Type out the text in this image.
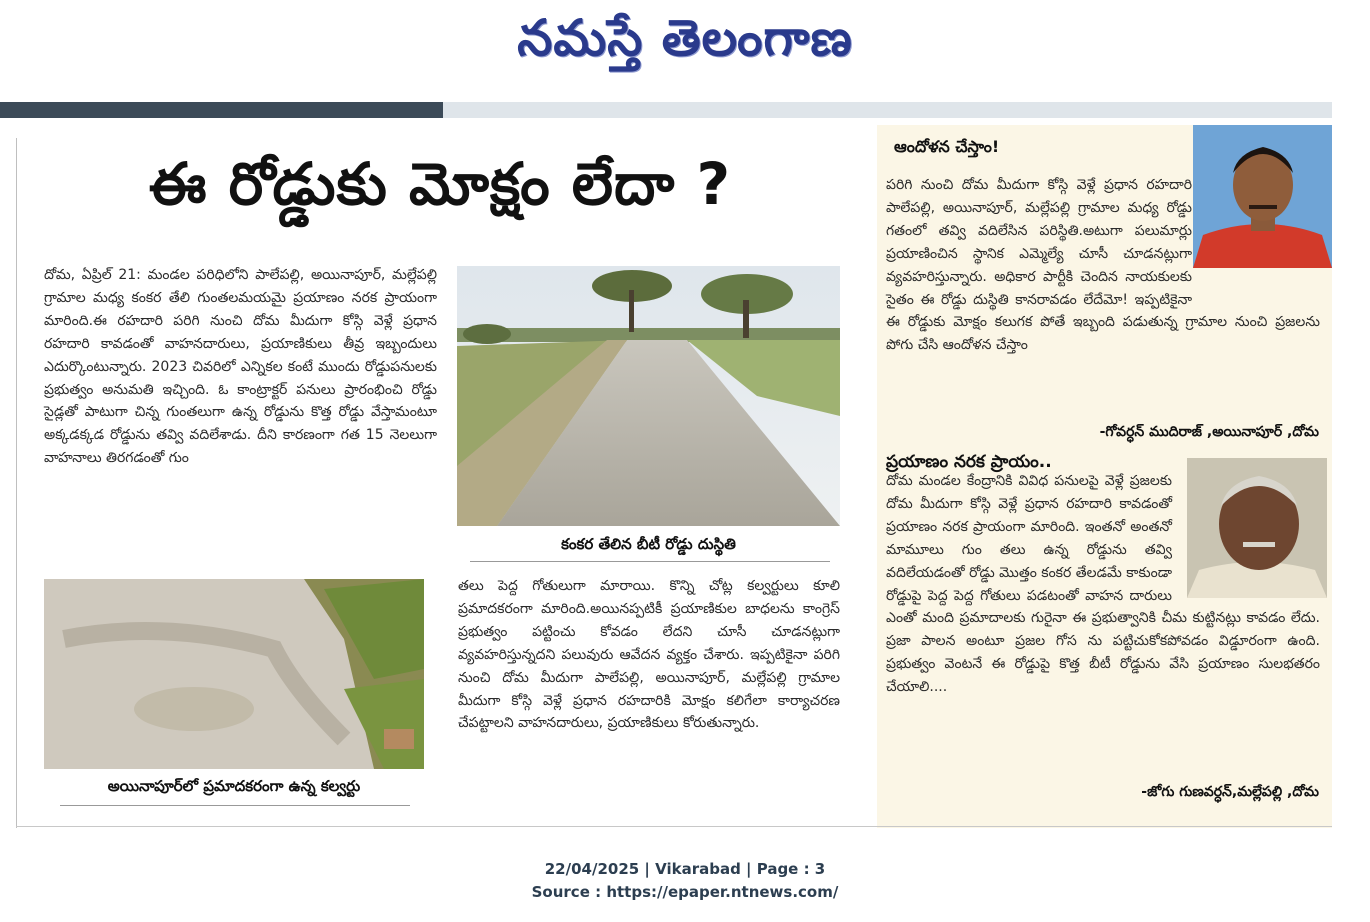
నమస్తే తెలంగాణ
ఈ రోడ్డుకు మోక్షం లేదా ?

దోమ, ఏప్రిల్ 21: మండల పరిధిలోని పాలేపల్లి, అయినాపూర్, మల్లేపల్లి గ్రామాల మధ్య కంకర తేలి గుంతలమయమై ప్రయాణం నరక ప్రాయంగా మారింది.ఈ రహదారి పరిగి నుంచి దోమ మీదుగా కోస్గి వెళ్లే ప్రధాన రహదారి కావడంతో వాహనదారులు, ప్రయాణికులు తీవ్ర ఇబ్బందులు ఎదుర్కొంటున్నారు. 2023 చివరిలో ఎన్నికల కంటే ముందు రోడ్డుపనులకు ప్రభుత్వం అనుమతి ఇచ్చింది. ఓ కాంట్రాక్టర్ పనులు ప్రారంభించి రోడ్డు సైడ్లతో పాటుగా చిన్న గుంతలుగా ఉన్న రోడ్డును కొత్త రోడ్డు వేస్తామంటూ అక్కడక్కడ రోడ్డును తవ్వి వదిలేశాడు. దీని కారణంగా గత 15 నెలలుగా వాహనాలు తిరగడంతో గుం

కంకర తేలిన బీటీ రోడ్డు దుస్థితి
అయినాపూర్‌లో ప్రమాదకరంగా ఉన్న కల్వర్టు

తలు పెద్ద గోతులుగా మారాయి. కొన్ని చోట్ల కల్వర్టులు కూలి ప్రమాదకరంగా మారింది.అయినప్పటికీ ప్రయాణికుల బాధలను కాంగ్రెస్ ప్రభుత్వం పట్టించు కోవడం లేదని చూసీ చూడనట్లుగా వ్యవహరిస్తున్నదని పలువురు ఆవేదన వ్యక్తం చేశారు. ఇప్పటికైనా పరిగి నుంచి దోమ మీదుగా పాలేపల్లి, అయినాపూర్, మల్లేపల్లి గ్రామాల మీదుగా కోస్గి వెళ్లే ప్రధాన రహదారికి మోక్షం కలిగేలా కార్యాచరణ చేపట్టాలని వాహనదారులు, ప్రయాణికులు కోరుతున్నారు.

ఆందోళన చేస్తాం!

పరిగి నుంచి దోమ మీదుగా కోస్గి వెళ్లే ప్రధాన రహదారి పాలేపల్లి, అయినాపూర్, మల్లేపల్లి గ్రామాల మధ్య రోడ్డు గతంలో తవ్వి వదిలేసిన పరిస్థితి.అటుగా పలుమార్లు ప్రయాణించిన స్థానిక ఎమ్మెల్యే చూసీ చూడనట్లుగా వ్యవహరిస్తున్నారు. అధికార పార్టీకి చెందిన నాయకులకు సైతం ఈ రోడ్డు దుస్థితి కానరావడం లేదేమో! ఇప్పటికైనా ఈ రోడ్డుకు మోక్షం కలుగక పోతే ఇబ్బంది పడుతున్న గ్రామాల నుంచి ప్రజలను పోగు చేసి ఆందోళన చేస్తాం

-గోవర్ధన్ ముదిరాజ్ ,అయినాపూర్ ,దోమ
ప్రయాణం నరక ప్రాయం..

దోమ మండల కేంద్రానికి వివిధ పనులపై వెళ్లే ప్రజలకు దోమ మీదుగా కోస్గి వెళ్లే ప్రధాన రహదారి కావడంతో ప్రయాణం నరక ప్రాయంగా మారింది. ఇంతనో అంతనో మామూలు గుం తలు ఉన్న రోడ్డును తవ్వి వదిలేయడంతో రోడ్డు మొత్తం కంకర తేలడమే కాకుండా రోడ్డుపై పెద్ద పెద్ద గోతులు పడటంతో వాహన దారులు ఎంతో మంది ప్రమాదాలకు గురైనా ఈ ప్రభుత్వానికి చీమ కుట్టినట్లు కావడం లేదు. ప్రజా పాలన అంటూ ప్రజల గోస ను పట్టిచుకోకపోవడం విడ్డూరంగా ఉంది. ప్రభుత్వం వెంటనే ఈ రోడ్డుపై కొత్త బీటీ రోడ్డును వేసి ప్రయాణం సులభతరం చేయాలి....

-జోగు గుణవర్ధన్,మల్లేపల్లి ,దోమ
22/04/2025 | Vikarabad | Page : 3
Source : https://epaper.ntnews.com/
